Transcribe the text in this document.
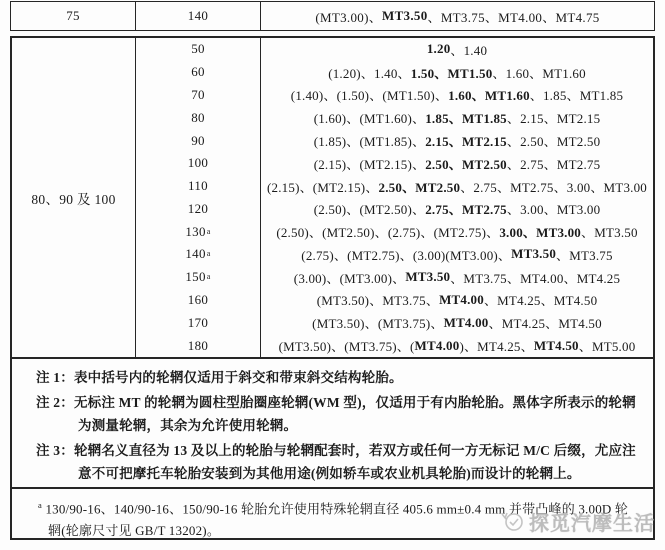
75	140	(MT3.00)、 MT3.50 、MT3.75、MT4.00、MT4.75
80、90 及 100
50	1.20 、1.40
60	(1.20)、1.40、 1.50、MT1.50 、1.60、MT1.60
70	(1.40)、(1.50)、(MT1.50)、 1.60、MT1.60 、1.85、MT1.85
80	(1.60)、(MT1.60)、 1.85、MT1.85 、2.15、MT2.15
90	(1.85)、(MT1.85)、 2.15、MT2.15 、2.50、MT2.50
100	(2.15)、(MT2.15)、 2.50、MT2.50 、2.75、MT2.75
110	(2.15)、(MT2.15)、 2.50、MT2.50 、2.75、MT2.75、3.00、MT3.00
120	(2.50)、(MT2.50)、 2.75、MT2.75 、3.00、MT3.00
130 a	(2.50)、(MT2.50)、(2.75)、(MT2.75)、 3.00、MT3.00 、MT3.50
140 a	(2.75)、(MT2.75)、(3.00)(MT3.00)、 MT3.50 、MT3.75
150 a	(3.00)、(MT3.00)、 MT3.50 、MT3.75、MT4.00、MT4.25
160	(MT3.50)、MT3.75、 MT4.00 、MT4.25、MT4.50
170	(MT3.50)、(MT3.75)、 MT4.00 、MT4.25、MT4.50
180	(MT3.50)、(MT3.75)、( MT4.00 )、MT4.25、 MT4.50 、MT5.00

注 1：表中括号内的轮辋仅适用于斜交和带束斜交结构轮胎。

注 2：无标注 MT 的轮辋为圆柱型胎圈座轮辋(WM 型)，仅适用于有内胎轮胎。黑体字所表示的轮辋为测量轮辋，其余为允许使用轮辋。

注 3：轮辋名义直径为 13 及以上的轮胎与轮辋配套时，若双方或任何一方无标记 M/C 后缀，尤应注意不可把摩托车轮胎安装到为其他用途(例如轿车或农业机具轮胎)而设计的轮辋上。

$^a$ 130/90-16、140/90-16、150/90-16 轮胎允许使用特殊轮辋直径 405.6 mm±0.4 mm 并带凸峰的 3.00D 轮辋(轮廓尺寸见 GB/T 13202)。	探觅汽摩生活
